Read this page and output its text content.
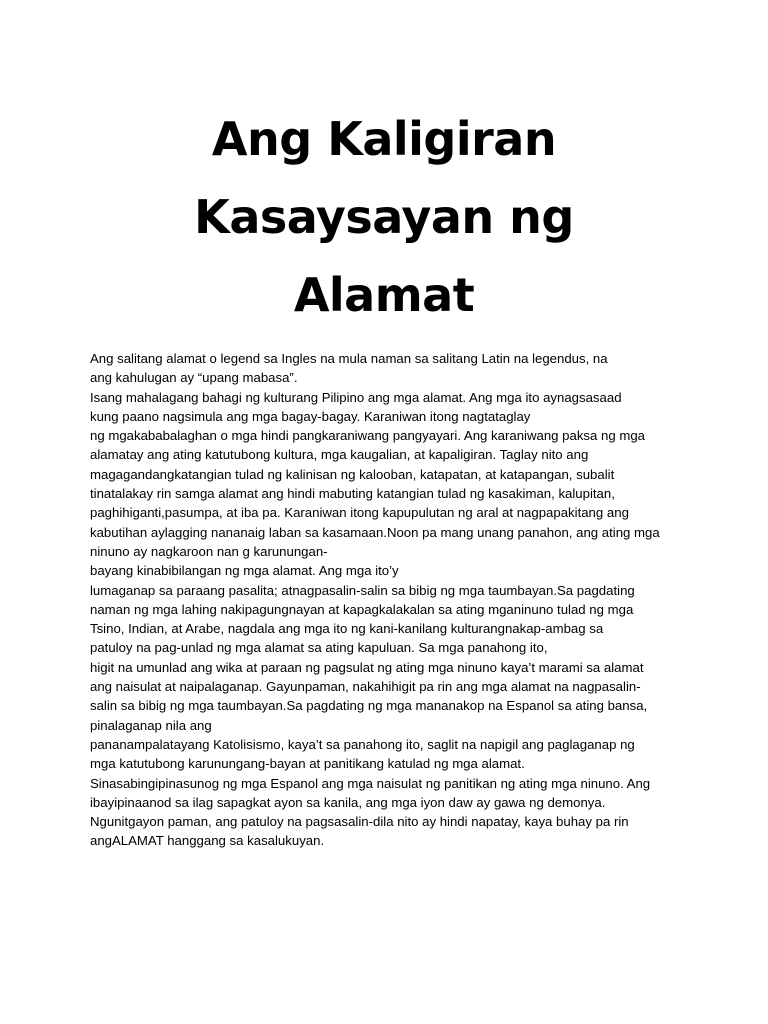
Ang Kaligiran
Kasaysayan ng
Alamat
Ang salitang alamat o legend sa Ingles na mula naman sa salitang Latin na legendus, na
ang kahulugan ay “upang mabasa”.
Isang mahalagang bahagi ng kulturang Pilipino ang mga alamat. Ang mga ito aynagsasaad
kung paano nagsimula ang mga bagay-bagay. Karaniwan itong nagtataglay
ng mgakababalaghan o mga hindi pangkaraniwang pangyayari. Ang karaniwang paksa ng mga
alamatay ang ating katutubong kultura, mga kaugalian, at kapaligiran. Taglay nito ang
magagandangkatangian tulad ng kalinisan ng kalooban, katapatan, at katapangan, subalit
tinatalakay rin samga alamat ang hindi mabuting katangian tulad ng kasakiman, kalupitan,
paghihiganti,pasumpa, at iba pa. Karaniwan itong kapupulutan ng aral at nagpapakitang ang
kabutihan aylagging nananaig laban sa kasamaan.Noon pa mang unang panahon, ang ating mga
ninuno ay nagkaroon nan g karunungan-
bayang kinabibilangan ng mga alamat. Ang mga ito’y
lumaganap sa paraang pasalita; atnagpasalin-salin sa bibig ng mga taumbayan.Sa pagdating
naman ng mga lahing nakipagungnayan at kapagkalakalan sa ating mganinuno tulad ng mga
Tsino, Indian, at Arabe, nagdala ang mga ito ng kani-kanilang kulturangnakap-ambag sa
patuloy na pag-unlad ng mga alamat sa ating kapuluan. Sa mga panahong ito,
higit na umunlad ang wika at paraan ng pagsulat ng ating mga ninuno kaya’t marami sa alamat
ang naisulat at naipalaganap. Gayunpaman, nakahihigit pa rin ang mga alamat na nagpasalin-
salin sa bibig ng mga taumbayan.Sa pagdating ng mga mananakop na Espanol sa ating bansa,
pinalaganap nila ang
pananampalatayang Katolisismo, kaya’t sa panahong ito, saglit na napigil ang paglaganap ng
mga katutubong karunungang-bayan at panitikang katulad ng mga alamat.
Sinasabingipinasunog ng mga Espanol ang mga naisulat ng panitikan ng ating mga ninuno. Ang
ibayipinaanod sa ilag sapagkat ayon sa kanila, ang mga iyon daw ay gawa ng demonya.
Ngunitgayon paman, ang patuloy na pagsasalin-dila nito ay hindi napatay, kaya buhay pa rin
angALAMAT hanggang sa kasalukuyan.
